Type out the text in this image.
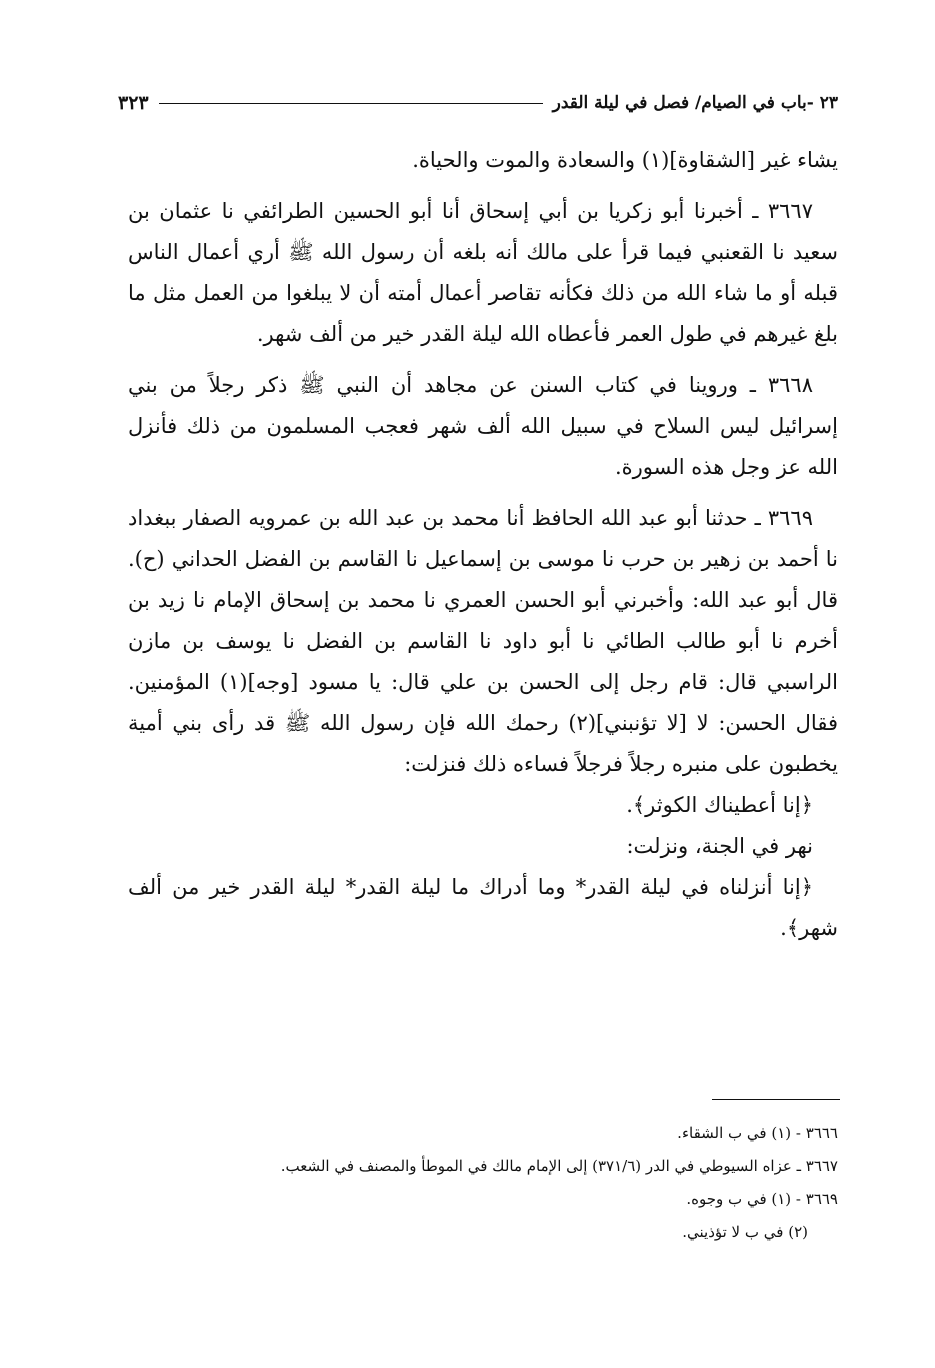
٢٣ -باب في الصيام/ فصل في ليلة القدر
٣٢٣

يشاء غير [الشقاوة](١) والسعادة والموت والحياة.

٣٦٦٧ ـ أخبرنا أبو زكريا بن أبي إسحاق أنا أبو الحسين الطرائفي نا عثمان بن سعيد نا القعنبي فيما قرأ على مالك أنه بلغه أن رسول الله ﷺ أري أعمال الناس قبله أو ما شاء الله من ذلك فكأنه تقاصر أعمال أمته أن لا يبلغوا من العمل مثل ما بلغ غيرهم في طول العمر فأعطاه الله ليلة القدر خير من ألف شهر.

٣٦٦٨ ـ وروينا في كتاب السنن عن مجاهد أن النبي ﷺ ذكر رجلاً من بني إسرائيل ليس السلاح في سبيل الله ألف شهر فعجب المسلمون من ذلك فأنزل الله عز وجل هذه السورة.

٣٦٦٩ ـ حدثنا أبو عبد الله الحافظ أنا محمد بن عبد الله بن عمرويه الصفار ببغداد نا أحمد بن زهير بن حرب نا موسى بن إسماعيل نا القاسم بن الفضل الحداني (ح). قال أبو عبد الله: وأخبرني أبو الحسن العمري نا محمد بن إسحاق الإمام نا زيد بن أخرم نا أبو طالب الطائي نا أبو داود نا القاسم بن الفضل نا يوسف بن مازن الراسبي قال: قام رجل إلى الحسن بن علي قال: يا مسود [وجه](١) المؤمنين. فقال الحسن: لا [لا تؤنبني](٢) رحمك الله فإن رسول الله ﷺ قد رأى بني أمية يخطبون على منبره رجلاً فرجلاً فساءه ذلك فنزلت:

﴿إنا أعطيناك الكوثر﴾.

نهر في الجنة، ونزلت:

﴿إنا أنزلناه في ليلة القدر* وما أدراك ما ليلة القدر* ليلة القدر خير من ألف شهر﴾.

٣٦٦٦ - (١) في ب الشقاء.

٣٦٦٧ ـ عزاه السيوطي في الدر (٣٧١/٦) إلى الإمام مالك في الموطأ والمصنف في الشعب.

٣٦٦٩ - (١) في ب وجوه.

(٢) في ب لا تؤذيني.
